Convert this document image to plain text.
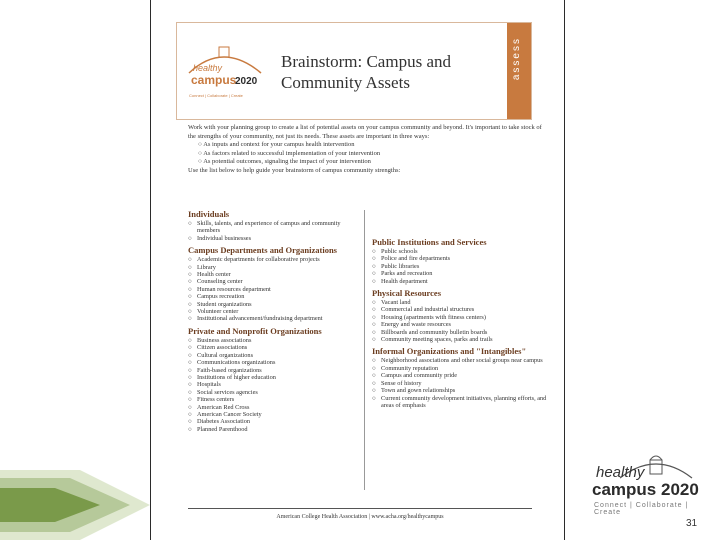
healthy
campus
2020
Connect | Collaborate | Create
Brainstorm: Campus and
Community Assets
assess
Work with your planning group to create a list of potential assets on your campus community and beyond. It's important to take stock of the strengths of your community, not just its needs. These assets are important in three ways:
○ As inputs and context for your campus health intervention
○ As factors related to successful implementation of your intervention
○ As potential outcomes, signaling the impact of your intervention
Use the list below to help guide your brainstorm of campus community strengths:
Individuals
○ Skills, talents, and experience of campus and community members
○ Individual businesses
Campus Departments and Organizations
○ Academic departments for collaborative projects
○ Library
○ Health center
○ Counseling center
○ Human resources department
○ Campus recreation
○ Student organizations
○ Volunteer center
○ Institutional advancement/fundraising department
Private and Nonprofit Organizations
○ Business associations
○ Citizen associations
○ Cultural organizations
○ Communications organizations
○ Faith-based organizations
○ Institutions of higher education
○ Hospitals
○ Social services agencies
○ Fitness centers
○ American Red Cross
○ American Cancer Society
○ Diabetes Association
○ Planned Parenthood
Public Institutions and Services
○ Public schools
○ Police and fire departments
○ Public libraries
○ Parks and recreation
○ Health department
Physical Resources
○ Vacant land
○ Commercial and industrial structures
○ Housing (apartments with fitness centers)
○ Energy and waste resources
○ Billboards and community bulletin boards
○ Community meeting spaces, parks and trails
Informal Organizations and "Intangibles"
○ Neighborhood associations and other social groups near campus
○ Community reputation
○ Campus and community pride
○ Sense of history
○ Town and gown relationships
○ Current community development initiatives, planning efforts, and areas of emphasis
American College Health Association | www.acha.org/healthycampus
healthy
campus 2020
Connect | Collaborate | Create
31
